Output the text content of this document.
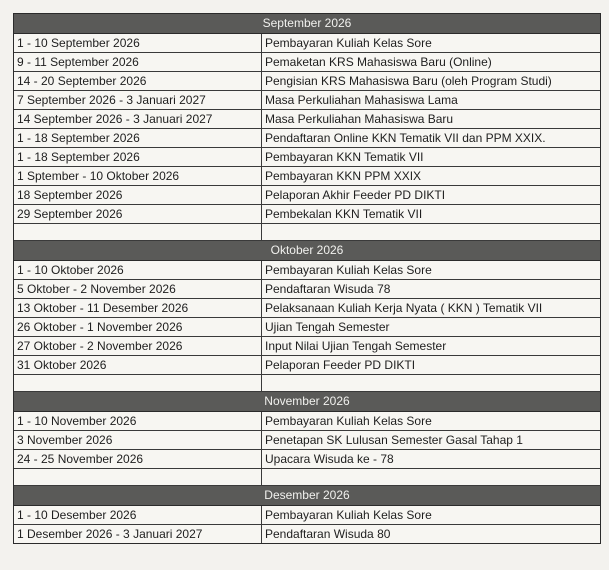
September 2026
1 - 10 September 2026	Pembayaran Kuliah Kelas Sore
9 - 11 September 2026	Pemaketan KRS Mahasiswa Baru (Online)
14 - 20 September 2026	Pengisian KRS Mahasiswa Baru (oleh Program Studi)
7 September 2026 - 3 Januari 2027	Masa Perkuliahan Mahasiswa Lama
14 September 2026 - 3 Januari 2027	Masa Perkuliahan Mahasiswa Baru
1 - 18 September 2026	Pendaftaran Online KKN Tematik VII dan PPM XXIX.
1 - 18 September 2026	Pembayaran KKN Tematik VII
1 Sptember - 10 Oktober 2026	Pembayaran KKN PPM XXIX
18 September 2026	Pelaporan Akhir Feeder PD DIKTI
29 September 2026	Pembekalan KKN Tematik VII
Oktober 2026
1 - 10 Oktober 2026	Pembayaran Kuliah Kelas Sore
5 Oktober - 2 November 2026	Pendaftaran Wisuda 78
13 Oktober - 11 Desember 2026	Pelaksanaan Kuliah Kerja Nyata ( KKN ) Tematik VII
26 Oktober - 1 November 2026	Ujian Tengah Semester
27 Oktober - 2 November 2026	Input Nilai Ujian Tengah Semester
31 Oktober 2026	Pelaporan Feeder PD DIKTI
November 2026
1 - 10 November 2026	Pembayaran Kuliah Kelas Sore
3 November 2026	Penetapan SK Lulusan Semester Gasal Tahap 1
24 - 25 November 2026	Upacara Wisuda ke - 78
Desember 2026
1 - 10 Desember 2026	Pembayaran Kuliah Kelas Sore
1 Desember 2026 - 3 Januari 2027	Pendaftaran Wisuda 80
